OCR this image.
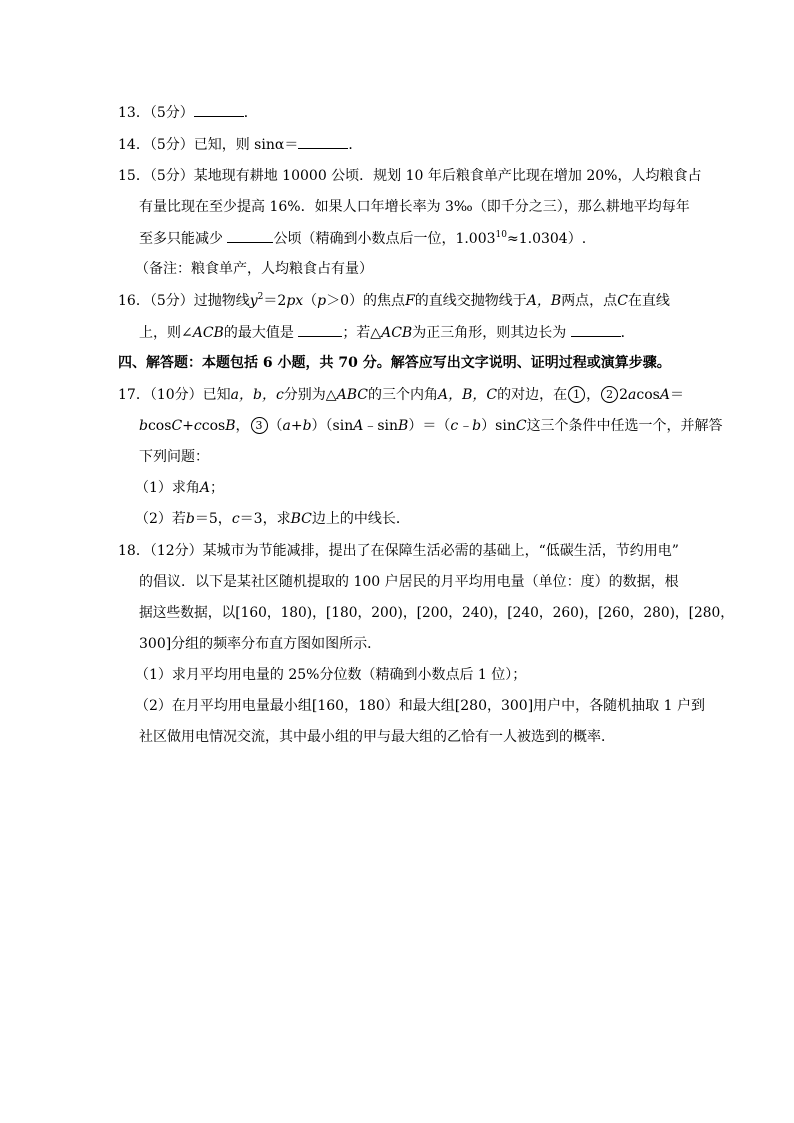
13．（5分）	．
14．（5分）已知，则 sinα＝	．
15．（5分）某地现有耕地 10000 公顷．规划 10 年后粮食单产比现在增加 20%，人均粮食占
有量比现在至少提高 16%．如果人口年增长率为 3‰（即千分之三），那么耕地平均每年
至多只能减少	公顷（精确到小数点后一位，$1.003^{10}\approx 1.0304$）.
（备注：粮食单产，人均粮食占有量）
16．（5分）过抛物线$y^2=2px(p>0)$的焦点F的直线交抛物线于A，B两点，点C在直线
上，则∠ACB的最大值是	；若△ACB为正三角形，则其边长为	．
四、解答题：本题包括 6 小题，共 70 分。解答应写出文字说明、证明过程或演算步骤。
17．（10分）已知a，b，c分别为△ABC的三个内角A，B，C的对边，在 1 ， 2 2acosA＝
bcosC+ccosB， 3 （a+b）（sinA﹣sinB）＝（c﹣b）sinC这三个条件中任选一个，并解答
下列问题：
（1）求角A；
（2）若b＝5，c＝3，求BC边上的中线长．
18．（12分）某城市为节能减排，提出了在保障生活必需的基础上，“低碳生活，节约用电”
的倡议．以下是某社区随机提取的 100 户居民的月平均用电量（单位：度）的数据，根
据这些数据，以[160，180)，[180，200)，[200，240)，[240，260)，[260，280)，[280，
300]分组的频率分布直方图如图所示．
（1）求月平均用电量的 25%分位数（精确到小数点后 1 位）；
（2）在月平均用电量最小组[160，180）和最大组[280，300]用户中，各随机抽取 1 户到
社区做用电情况交流，其中最小组的甲与最大组的乙恰有一人被选到的概率．
